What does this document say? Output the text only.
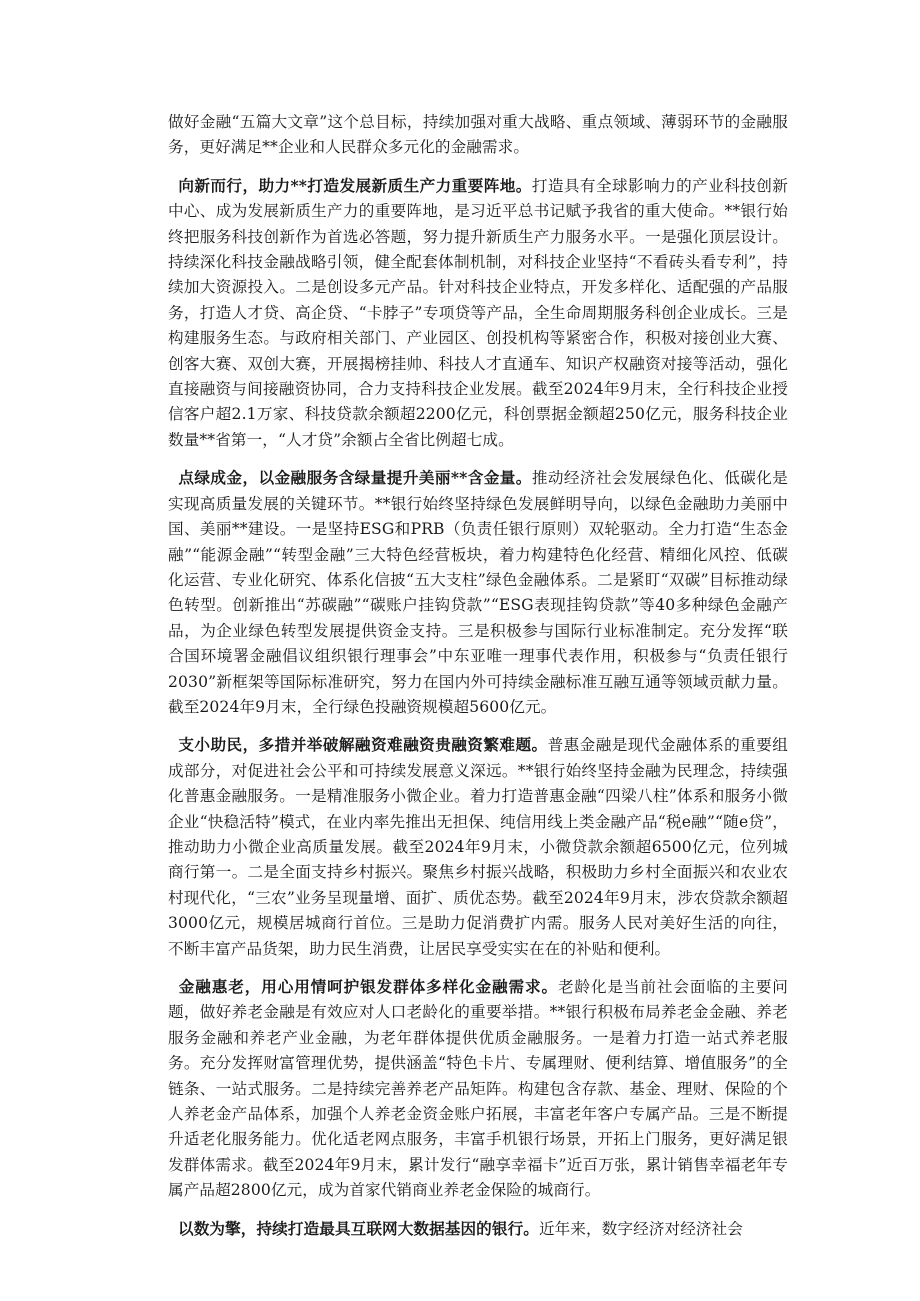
做好金融“五篇大文章”这个总目标，持续加强对重大战略、重点领域、薄弱环节的金融服务，更好满足**企业和人民群众多元化的金融需求。

向新而行，助力**打造发展新质生产力重要阵地。打造具有全球影响力的产业科技创新中心、成为发展新质生产力的重要阵地，是习近平总书记赋予我省的重大使命。**银行始终把服务科技创新作为首选必答题，努力提升新质生产力服务水平。一是强化顶层设计。持续深化科技金融战略引领，健全配套体制机制，对科技企业坚持“不看砖头看专利”，持续加大资源投入。二是创设多元产品。针对科技企业特点，开发多样化、适配强的产品服务，打造人才贷、高企贷、“卡脖子”专项贷等产品，全生命周期服务科创企业成长。三是构建服务生态。与政府相关部门、产业园区、创投机构等紧密合作，积极对接创业大赛、创客大赛、双创大赛，开展揭榜挂帅、科技人才直通车、知识产权融资对接等活动，强化直接融资与间接融资协同，合力支持科技企业发展。截至2024年9月末，全行科技企业授信客户超2.1万家、科技贷款余额超2200亿元，科创票据金额超250亿元，服务科技企业数量**省第一，“人才贷”余额占全省比例超七成。

点绿成金，以金融服务含绿量提升美丽**含金量。推动经济社会发展绿色化、低碳化是实现高质量发展的关键环节。**银行始终坚持绿色发展鲜明导向，以绿色金融助力美丽中国、美丽**建设。一是坚持ESG和PRB（负责任银行原则）双轮驱动。全力打造“生态金融”“能源金融”“转型金融”三大特色经营板块，着力构建特色化经营、精细化风控、低碳化运营、专业化研究、体系化信披“五大支柱”绿色金融体系。二是紧盯“双碳”目标推动绿色转型。创新推出“苏碳融”“碳账户挂钩贷款”“ESG表现挂钩贷款”等40多种绿色金融产品，为企业绿色转型发展提供资金支持。三是积极参与国际行业标准制定。充分发挥“联合国环境署金融倡议组织银行理事会”中东亚唯一理事代表作用，积极参与“负责任银行2030”新框架等国际标准研究，努力在国内外可持续金融标准互融互通等领域贡献力量。截至2024年9月末，全行绿色投融资规模超5600亿元。

支小助民，多措并举破解融资难融资贵融资繁难题。普惠金融是现代金融体系的重要组成部分，对促进社会公平和可持续发展意义深远。**银行始终坚持金融为民理念，持续强化普惠金融服务。一是精准服务小微企业。着力打造普惠金融“四梁八柱”体系和服务小微企业“快稳活特”模式，在业内率先推出无担保、纯信用线上类金融产品“税e融”“随e贷”，推动助力小微企业高质量发展。截至2024年9月末，小微贷款余额超6500亿元，位列城商行第一。二是全面支持乡村振兴。聚焦乡村振兴战略，积极助力乡村全面振兴和农业农村现代化，“三农”业务呈现量增、面扩、质优态势。截至2024年9月末，涉农贷款余额超3000亿元，规模居城商行首位。三是助力促消费扩内需。服务人民对美好生活的向往，不断丰富产品货架，助力民生消费，让居民享受实实在在的补贴和便利。

金融惠老，用心用情呵护银发群体多样化金融需求。老龄化是当前社会面临的主要问题，做好养老金融是有效应对人口老龄化的重要举措。**银行积极布局养老金金融、养老服务金融和养老产业金融，为老年群体提供优质金融服务。一是着力打造一站式养老服务。充分发挥财富管理优势，提供涵盖“特色卡片、专属理财、便利结算、增值服务”的全链条、一站式服务。二是持续完善养老产品矩阵。构建包含存款、基金、理财、保险的个人养老金产品体系，加强个人养老金资金账户拓展，丰富老年客户专属产品。三是不断提升适老化服务能力。优化适老网点服务，丰富手机银行场景，开拓上门服务，更好满足银发群体需求。截至2024年9月末，累计发行“融享幸福卡”近百万张，累计销售幸福老年专属产品超2800亿元，成为首家代销商业养老金保险的城商行。

以数为擎，持续打造最具互联网大数据基因的银行。近年来，数字经济对经济社会
